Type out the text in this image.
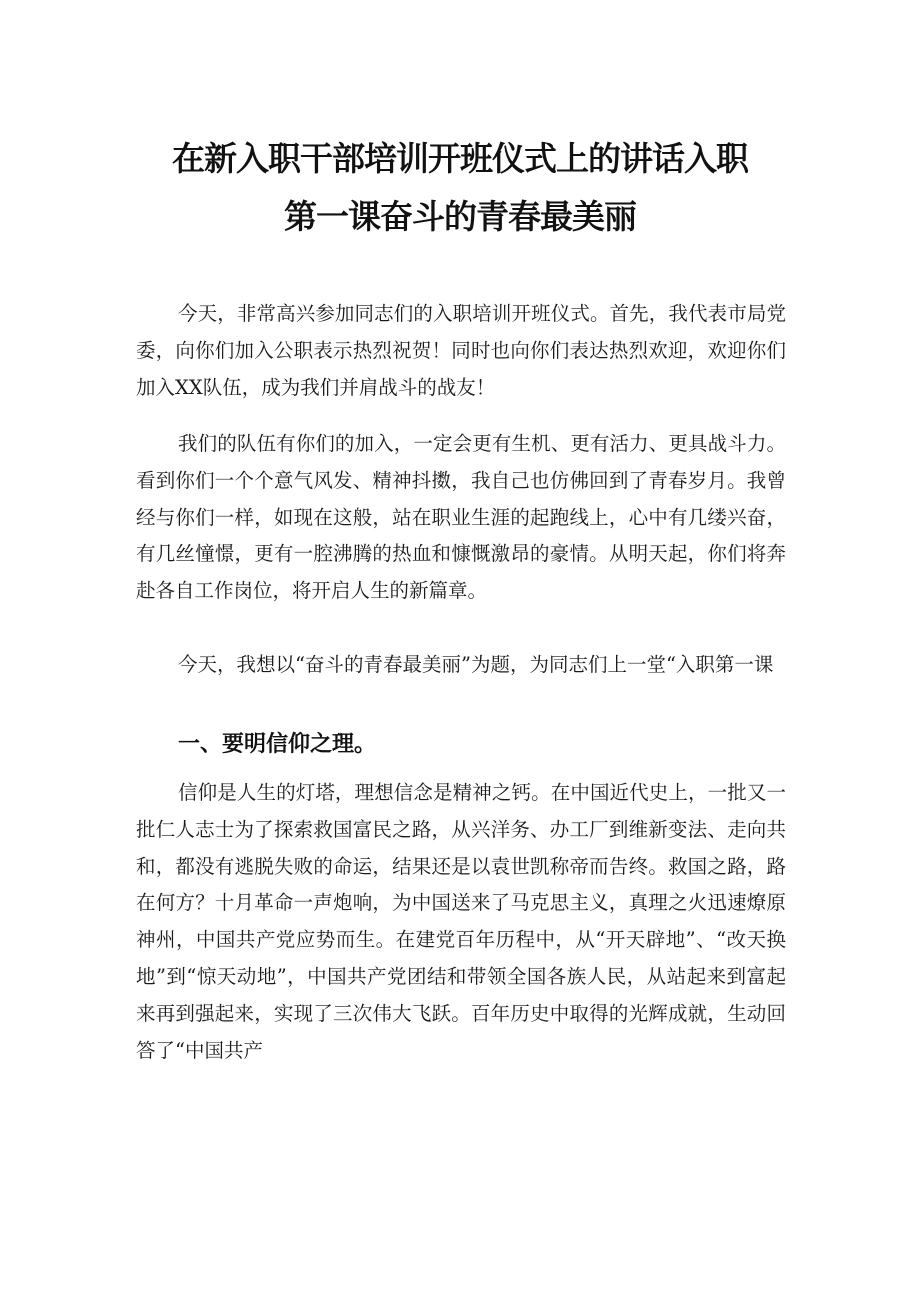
在新入职干部培训开班仪式上的讲话入职
第一课奋斗的青春最美丽

今天，非常高兴参加同志们的入职培训开班仪式。首先，我代表市局党委，向你们加入公职表示热烈祝贺！同时也向你们表达热烈欢迎，欢迎你们加入XX队伍，成为我们并肩战斗的战友！

我们的队伍有你们的加入，一定会更有生机、更有活力、更具战斗力。看到你们一个个意气风发、精神抖擞，我自己也仿佛回到了青春岁月。我曾经与你们一样，如现在这般，站在职业生涯的起跑线上，心中有几缕兴奋，有几丝憧憬，更有一腔沸腾的热血和慷慨激昂的豪情。从明天起，你们将奔赴各自工作岗位，将开启人生的新篇章。

今天，我想以“奋斗的青春最美丽”为题，为同志们上一堂“入职第一课

一、要明信仰之理。

信仰是人生的灯塔，理想信念是精神之钙。在中国近代史上，一批又一批仁人志士为了探索救国富民之路，从兴洋务、办工厂到维新变法、走向共和，都没有逃脱失败的命运，结果还是以袁世凯称帝而告终。救国之路，路在何方？十月革命一声炮响，为中国送来了马克思主义，真理之火迅速燎原神州，中国共产党应势而生。在建党百年历程中，从“开天辟地”、“改天换地”到“惊天动地”，中国共产党团结和带领全国各族人民，从站起来到富起来再到强起来，实现了三次伟大飞跃。百年历史中取得的光辉成就，生动回答了“中国共产
